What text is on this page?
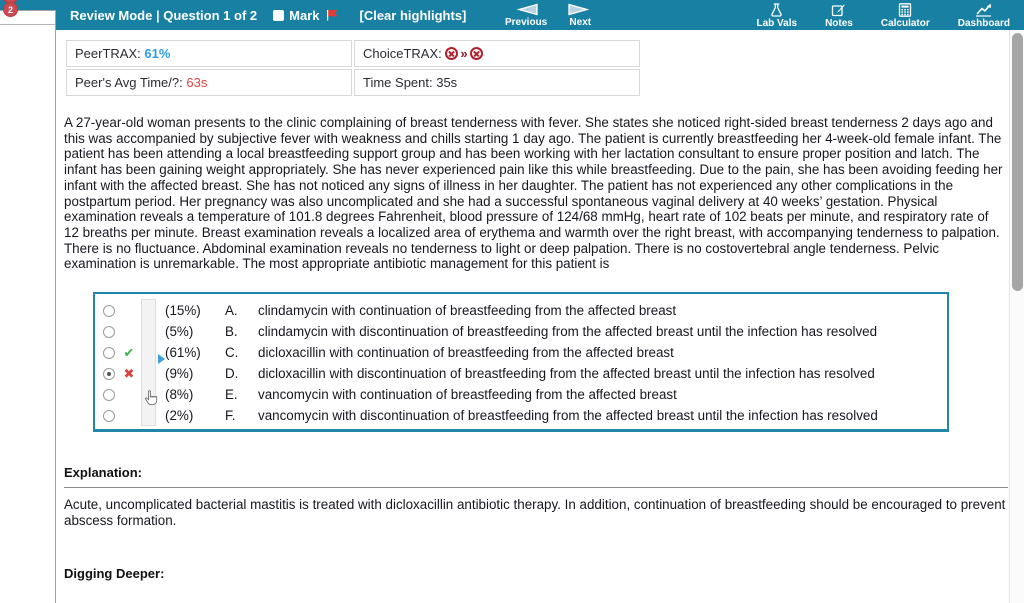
Review Mode | Question 1 of 2 Mark	[Clear highlights]	Previous Next	Lab Vals	Notes	Calculator	Dashboard
2
PeerTRAX: 61%	ChoiceTRAX: »
Peer's Avg Time/?: 63s	Time Spent: 35s
A 27-year-old woman presents to the clinic complaining of breast tenderness with fever. She states she noticed right-sided breast tenderness 2 days ago and this was accompanied by subjective fever with weakness and chills starting 1 day ago. The patient is currently breastfeeding her 4-week-old female infant. The patient has been attending a local breastfeeding support group and has been working with her lactation consultant to ensure proper position and latch. The infant has been gaining weight appropriately. She has never experienced pain like this while breastfeeding. Due to the pain, she has been avoiding feeding her infant with the affected breast. She has not noticed any signs of illness in her daughter. The patient has not experienced any other complications in the postpartum period. Her pregnancy was also uncomplicated and she had a successful spontaneous vaginal delivery at 40 weeks’ gestation. Physical examination reveals a temperature of 101.8 degrees Fahrenheit, blood pressure of 124/68 mmHg, heart rate of 102 beats per minute, and respiratory rate of 12 breaths per minute. Breast examination reveals a localized area of erythema and warmth over the right breast, with accompanying tenderness to palpation. There is no fluctuance. Abdominal examination reveals no tenderness to light or deep palpation. There is no costovertebral angle tenderness. Pelvic examination is unremarkable. The most appropriate antibiotic management for this patient is
(15%)	A.	clindamycin with continuation of breastfeeding from the affected breast
(5%)	B.	clindamycin with discontinuation of breastfeeding from the affected breast until the infection has resolved
✔	(61%)	C.	dicloxacillin with continuation of breastfeeding from the affected breast
✖	(9%)	D.	dicloxacillin with discontinuation of breastfeeding from the affected breast until the infection has resolved
(8%)	E.	vancomycin with continuation of breastfeeding from the affected breast
(2%)	F.	vancomycin with discontinuation of breastfeeding from the affected breast until the infection has resolved
Explanation:
Acute, uncomplicated bacterial mastitis is treated with dicloxacillin antibiotic therapy. In addition, continuation of breastfeeding should be encouraged to prevent abscess formation.
Digging Deeper:
